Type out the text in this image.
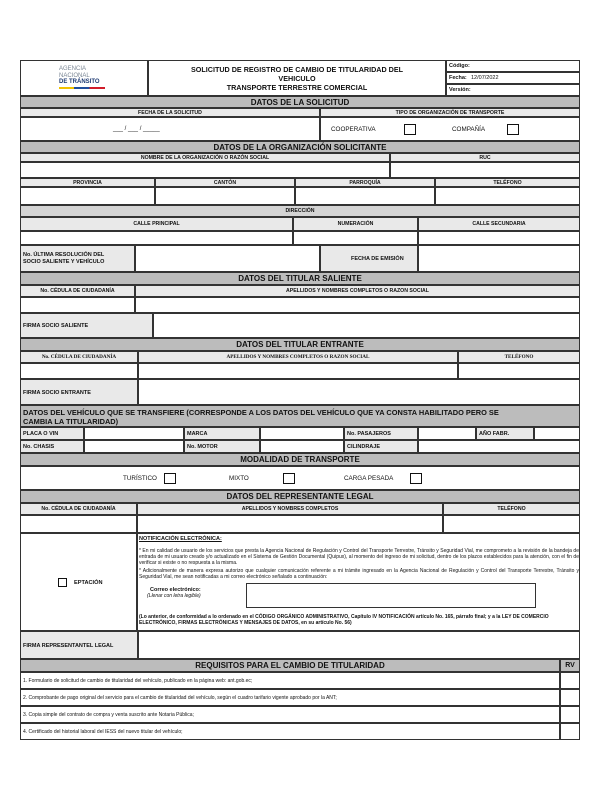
AGENCIA
NACIONAL
DE TRÁNSITO
SOLICITUD DE REGISTRO DE CAMBIO DE TITULARIDAD DEL
VEHICULO
TRANSPORTE TERRESTRE COMERCIAL
Código:
Fecha: 12/07/2022
Versión:
DATOS DE LA SOLICITUD
FECHA DE LA SOLICITUD	TIPO DE ORGANIZACIÓN DE TRANSPORTE
___ / ___ / _____	COOPERATIVA	COMPAÑÍA
DATOS DE LA ORGANIZACIÓN SOLICITANTE
NOMBRE DE LA ORGANIZACIÓN O RAZÓN SOCIAL	RUC
PROVINCIA	CANTÓN	PARROQUÍA	TELÉFONO
DIRECCIÓN
CALLE PRINCIPAL	NUMERACIÓN	CALLE SECUNDARIA
No. ÚLTIMA RESOLUCIÓN DEL
SOCIO SALIENTE Y VEHÍCULO	FECHA DE EMISIÓN
DATOS DEL TITULAR SALIENTE
No. CÉDULA DE CIUDADANÍA	APELLIDOS Y NOMBRES COMPLETOS O RAZON SOCIAL
FIRMA SOCIO SALIENTE
DATOS DEL TITULAR ENTRANTE
No. CÉDULA DE CIUDADANÍA	APELLIDOS Y NOMBRES COMPLETOS O RAZON SOCIAL	TELÉFONO
FIRMA SOCIO ENTRANTE
DATOS DEL VEHÍCULO QUE SE TRANSFIERE (CORRESPONDE A LOS DATOS DEL VEHÍCULO QUE YA CONSTA HABILITADO PERO SE
CAMBIA LA TITULARIDAD)
PLACA O VIN	MARCA	No. PASAJEROS	AÑO FABR.
No. CHASIS	No. MOTOR	CILINDRAJE
MODALIDAD DE TRANSPORTE
TURÍSTICO	MIXTO	CARGA PESADA
DATOS DEL REPRESENTANTE LEGAL
No. CÉDULA DE CIUDADANÍA	APELLIDOS Y NOMBRES COMPLETOS	TELÉFONO
EPTACIÓN
NOTIFICACIÓN ELECTRÓNICA:
* En mi calidad de usuario de los servicios que presta la Agencia Nacional de Regulación y Control del Transporte Terrestre, Tránsito y Seguridad Vial, me comprometo a la revisión de la bandeja de entrada de mi usuario creado y/o actualizado en el Sistema de Gestión Documental (Quipux), al momento del ingreso de mi solicitud, dentro de los plazos establecidos para la atención, con el fin de verificar si existe o no respuesta a la misma.
* Adicionalmente de manera expresa autorizo que cualquier comunicación referente a mi trámite ingresado en la Agencia Nacional de Regulación y Control del Transporte Terrestre, Tránsito y Seguridad Vial, me sean notificadas a mi correo electrónico señalado a continuación:
Correo electrónico:
(Llenar con letra legible)
(Lo anterior, de conformidad a lo ordenado en el CÓDIGO ORGÁNICO ADMINISTRATIVO, Capítulo IV NOTIFICACIÓN artículo No. 165, párrafo final; y a la LEY DE COMERCIO ELECTRÓNICO, FIRMAS ELECTRÓNICAS Y MENSAJES DE DATOS, en su artículo No. 56)
FIRMA REPRESENTANTEL LEGAL
REQUISITOS PARA EL CAMBIO DE TITULARIDAD	RV
1. Formulario de solicitud de cambio de titularidad del vehículo, publicado en la página web: ant.gob.ec;
2. Comprobante de pago original del servicio para el cambio de titularidad del vehículo, según el cuadro tarifario vigente aprobado por la ANT;
3. Copia simple del contrato de compra y venta suscrito ante Notaria Pública;
4. Certificado del historial laboral del IESS del nuevo titular del vehículo;
